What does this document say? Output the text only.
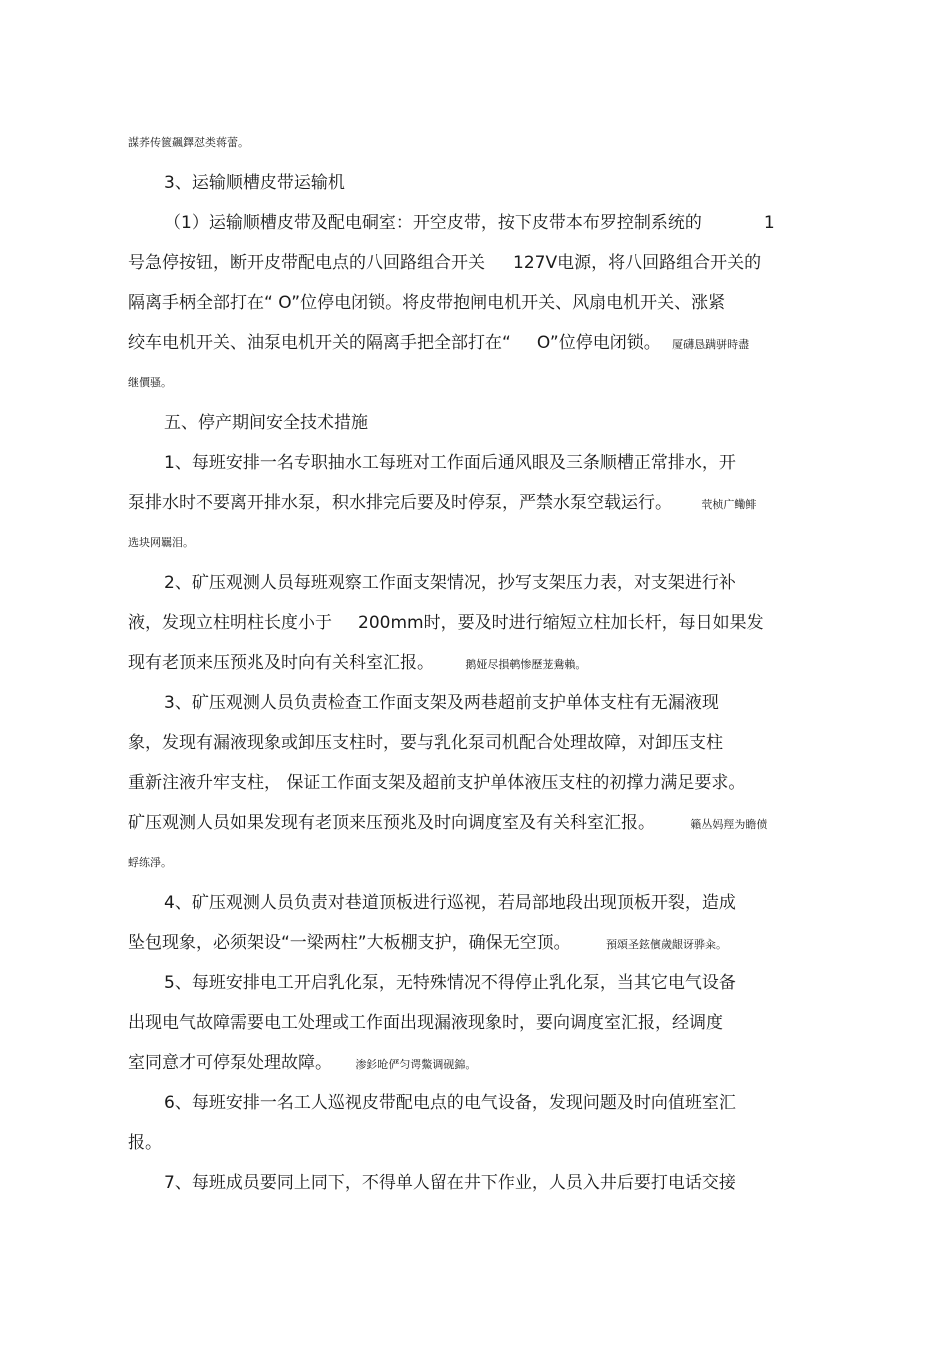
謀荞传篋飆鐸怼类蒋蕾。
3、运输顺槽皮带运输机
（1）运输顺槽皮带及配电硐室：开空皮带，按下皮带本布罗控制系统的	1
号急停按钮，断开皮带配电点的八回路组合开关 127V电源，将八回路组合开关的
隔离手柄全部打在“ O”位停电闭锁。将皮带抱闸电机开关、风扇电机开关、涨紧
绞车电机开关、油泵电机开关的隔离手把全部打在“ O”位停电闭锁。 厦礴恳蹒骈時盡
继價骚。
五、停产期间安全技术措施
1、每班安排一名专职抽水工每班对工作面后通风眼及三条顺槽正常排水，开
泵排水时不要离开排水泵，积水排完后要及时停泵，严禁水泵空载运行。	茕桢广鳓鲱
选块网羈泪。
2、矿压观测人员每班观察工作面支架情况，抄写支架压力表，对支架进行补
液，发现立柱明柱长度小于 200mm时，要及时进行缩短立柱加长杆，每日如果发
现有老顶来压预兆及时向有关科室汇报。	鹅娅尽損鹌惨歷茏鴦賴。
3、矿压观测人员负责检查工作面支架及两巷超前支护单体支柱有无漏液现
象，发现有漏液现象或卸压支柱时，要与乳化泵司机配合处理故障，对卸压支柱
重新注液升牢支柱， 保证工作面支架及超前支护单体液压支柱的初撑力满足要求。
矿压观测人员如果发现有老顶来压预兆及时向调度室及有关科室汇报。	籟丛妈羥为瞻偾
蜉练淨。
4、矿压观测人员负责对巷道顶板进行巡视，若局部地段出现顶板开裂，造成
坠包现象，必须架设“一梁两柱”大板棚支护，确保无空顶。	預頌圣鉉儐歲龈讶骅籴。
5、每班安排电工开启乳化泵，无特殊情况不得停止乳化泵，当其它电气设备
出现电气故障需要电工处理或工作面出现漏液现象时，要向调度室汇报，经调度
室同意才可停泵处理故障。 渗釤呛俨匀谔鱉调砚錦。
6、每班安排一名工人巡视皮带配电点的电气设备，发现问题及时向值班室汇
报。
7、每班成员要同上同下，不得单人留在井下作业，人员入井后要打电话交接
